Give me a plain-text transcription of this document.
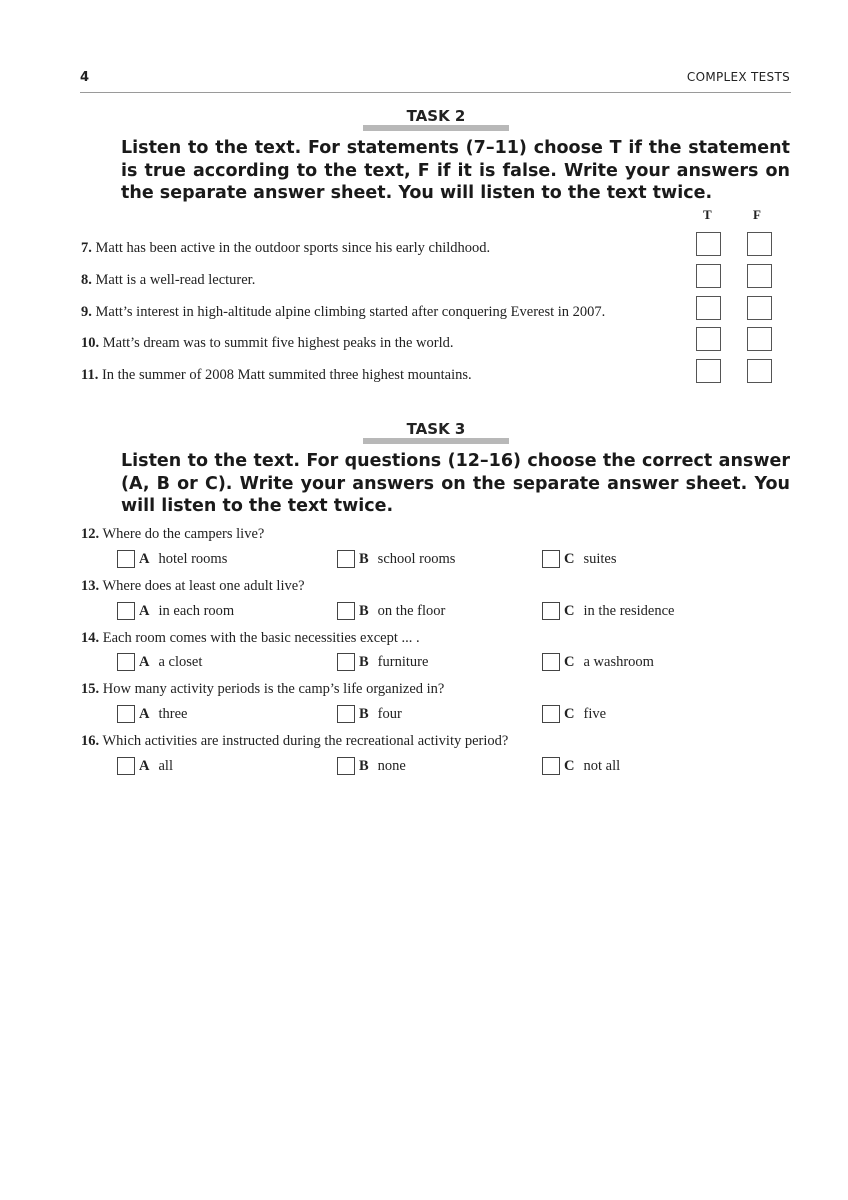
4	COMPLEX TESTS
TASK 2
Listen to the text. For statements (7–11) choose T if the statement is true according to the text, F if it is false. Write your answers on the separate answer sheet. You will listen to the text twice.
T	F
7. Matt has been active in the outdoor sports since his early childhood.
8. Matt is a well-read lecturer.
9. Matt’s interest in high-altitude alpine climbing started after conquering Everest in 2007.
10. Matt’s dream was to summit five highest peaks in the world.
11. In the summer of 2008 Matt summited three highest mountains.
TASK 3
Listen to the text. For questions (12–16) choose the correct answer (A, B or C). Write your answers on the separate answer sheet. You will listen to the text twice.
12. Where do the campers live?
A hotel rooms	B school rooms	C suites
13. Where does at least one adult live?
A in each room	B on the floor	C in the residence
14. Each room comes with the basic necessities except ... .
A a closet	B furniture	C a washroom
15. How many activity periods is the camp’s life organized in?
A three	B four	C five
16. Which activities are instructed during the recreational activity period?
A all	B none	C not all
